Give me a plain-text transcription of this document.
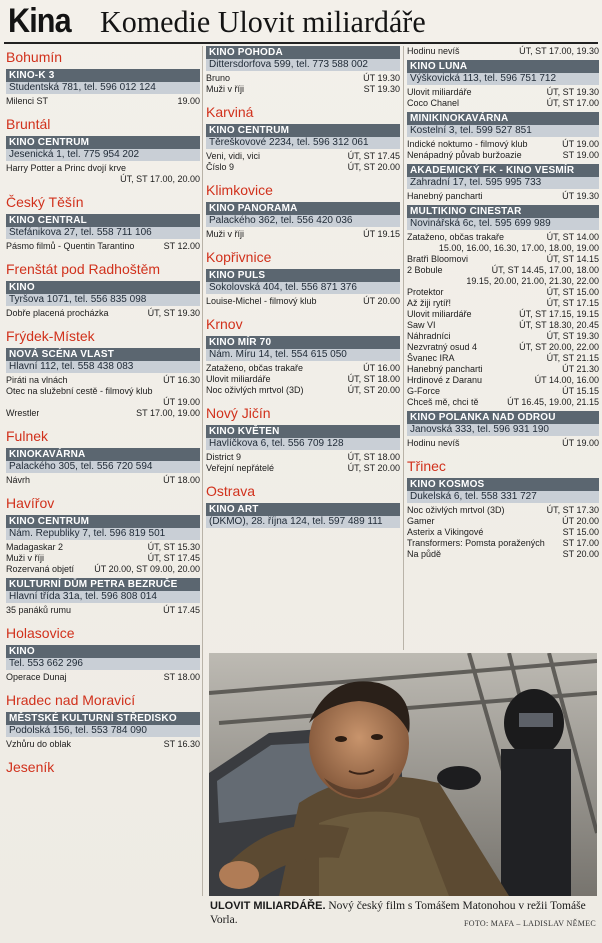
Kina Komedie Ulovit miliardáře
Bohumín
KINO-K 3
Studentská 781, tel. 596 012 124
Milenci ST	19.00
Bruntál
KINO CENTRUM
Jesenická 1, tel. 775 954 202
Harry Potter a Princ dvojí krve
ÚT, ST 17.00, 20.00
Český Těšín
KINO CENTRAL
Štefánikova 27, tel. 558 711 106
Pásmo filmů - Quentin Tarantino	ST 12.00
Frenštát pod Radhoštěm
KINO
Tyršova 1071, tel. 556 835 098
Dobře placená procházka	ÚT, ST 19.30
Frýdek-Místek
NOVÁ SCÉNA VLAST
Hlavní 112, tel. 558 438 083
Piráti na vlnách	ÚT 16.30
Otec na služební cestě - filmový klub
ÚT 19.00
Wrestler	ST 17.00, 19.00
Fulnek
KINOKAVÁRNA
Palackého 305, tel. 556 720 594
Návrh	ÚT 18.00
Havířov
KINO CENTRUM
Nám. Republiky 7, tel. 596 819 501
Madagaskar 2	ÚT, ST 15.30
Muži v říji	ÚT, ST 17.45
Rozervaná objetí ÚT 20.00, ST 09.00, 20.00
KULTURNÍ DŮM PETRA BEZRUČE
Hlavní třída 31a, tel. 596 808 014
35 panáků rumu	ÚT 17.45
Holasovice
KINO
Tel. 553 662 296
Operace Dunaj	ST 18.00
Hradec nad Moravicí
MĚSTSKÉ KULTURNÍ STŘEDISKO
Podolská 156, tel. 553 784 090
Vzhůru do oblak	ST 16.30
Jeseník
KINO POHODA
Dittersdorfova 599, tel. 773 588 002
Bruno	ÚT 19.30
Muži v říji	ST 19.30
Karviná
KINO CENTRUM
Těreškovové 2234, tel. 596 312 061
Veni, vidi, vici	ÚT, ST 17.45
Číslo 9	ÚT, ST 20.00
Klimkovice
KINO PANORAMA
Palackého 362, tel. 556 420 036
Muži v říji	ÚT 19.15
Kopřivnice
KINO PULS
Sokolovská 404, tel. 556 871 376
Louise-Michel - filmový klub	ÚT 20.00
Krnov
KINO MÍR 70
Nám. Míru 14, tel. 554 615 050
Zataženo, občas trakaře	ÚT 16.00
Ulovit miliardáře	ÚT, ST 18.00
Noc oživlých mrtvol (3D)	ÚT, ST 20.00
Nový Jičín
KINO KVĚTEN
Havlíčkova 6, tel. 556 709 128
District 9	ÚT, ST 18.00
Veřejní nepřátelé	ÚT, ST 20.00
Ostrava
KINO ART
(DKMO), 28. října 124, tel. 597 489 111
Hodinu nevíš	ÚT, ST 17.00, 19.30
KINO LUNA
Výškovická 113, tel. 596 751 712
Ulovit miliardáře	ÚT, ST 19.30
Coco Chanel	ÚT, ST 17.00
MINIKINOKAVÁRNA
Kostelní 3, tel. 599 527 851
Indické noktumo - filmový klub	ÚT 19.00
Nenápadný půvab buržoazie	ST 19.00
AKADEMICKÝ FK - KINO VESMÍR
Zahradní 17, tel. 595 995 733
Hanebný pancharti	ÚT 19.30
MULTIKINO CINESTAR
Novinářská 6c, tel. 595 699 989
Zataženo, občas trakaře	ÚT, ST 14.00
15.00, 16.00, 16.30, 17.00, 18.00, 19.00
Bratři Bloomovi	ÚT, ST 14.15
2 Bobule	ÚT, ST 14.45, 17.00, 18.00
19.15, 20.00, 21.00, 21.30, 22.00
Protektor	ÚT, ST 15.00
Až žiji rytíř!	ÚT, ST 17.15
Ulovit miliardáře	ÚT, ST 17.15, 19.15
Saw VI	ÚT, ST 18.30, 20.45
Náhradníci	ÚT, ST 19.30
Nezvratný osud 4	ÚT, ST 20.00, 22.00
Švanec IRA	ÚT, ST 21.15
Hanebný pancharti	ÚT 21.30
Hrdinové z Daranu	ÚT 14.00, 16.00
G-Force	ÚT 15.15
Chceš mě, chci tě	ÚT 16.45, 19.00, 21.15
KINO POLANKA NAD ODROU
Janovská 333, tel. 596 931 190
Hodinu nevíš	ÚT 19.00
Třinec
KINO KOSMOS
Dukelská 6, tel. 558 331 727
Noc oživlých mrtvol (3D)	ÚT, ST 17.30
Gamer	ÚT 20.00
Asterix a Vikingové	ST 15.00
Transformers: Pomsta poražených ST 17.00
Na půdě	ST 20.00
ULOVIT MILIARDÁŘE. Nový český film s Tomášem Matonohou v režii Tomáše Vorla.	FOTO: MAFA – LADISLAV NĚMEC
